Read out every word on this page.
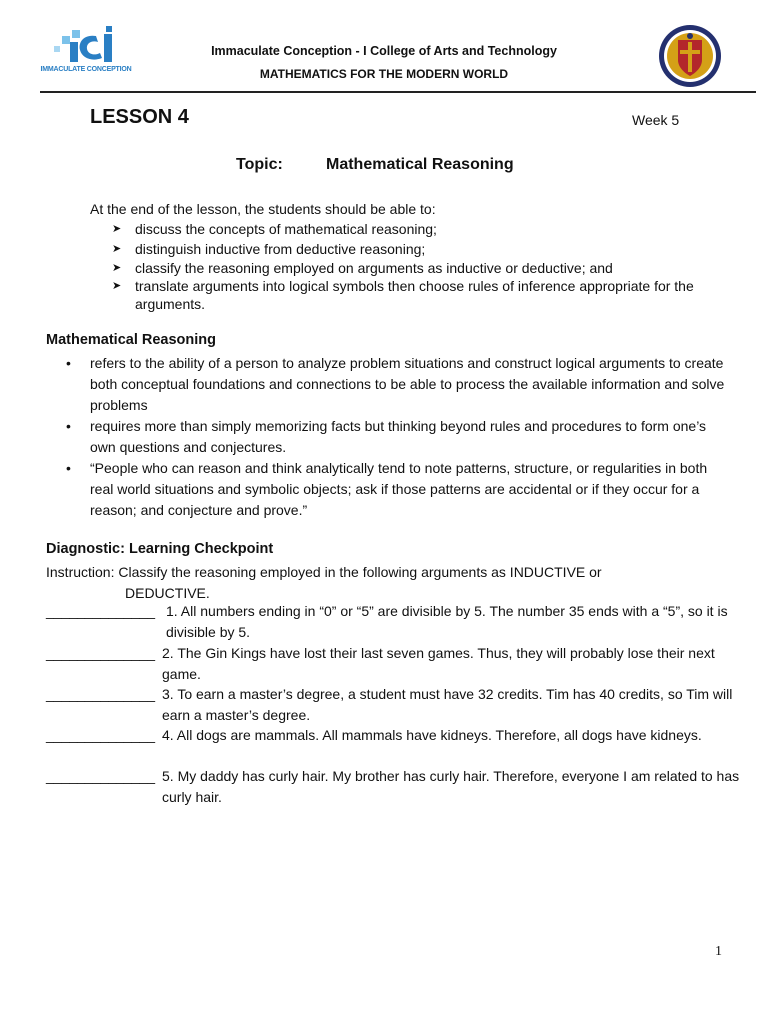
IMMACULATE CONCEPTION
Immaculate Conception - I College of Arts and Technology
MATHEMATICS FOR THE MODERN WORLD
LESSON 4	Week 5
Topic:	Mathematical Reasoning
At the end of the lesson, the students should be able to:
➤ discuss the concepts of mathematical reasoning;
➤ distinguish inductive from deductive reasoning;
➤ classify the reasoning employed on arguments as inductive or deductive; and
➤ translate arguments into logical symbols then choose rules of inference appropriate for the arguments.
Mathematical Reasoning
• refers to the ability of a person to analyze problem situations and construct logical arguments to create both conceptual foundations and connections to be able to process the available information and solve problems
• requires more than simply memorizing facts but thinking beyond rules and procedures to form one’s own questions and conjectures.
• “People who can reason and think analytically tend to note patterns, structure, or regularities in both real world situations and symbolic objects; ask if those patterns are accidental or if they occur for a reason; and conjecture and prove.”
Diagnostic: Learning Checkpoint
Instruction: Classify the reasoning employed in the following arguments as INDUCTIVE or
DEDUCTIVE.
______________ 1. All numbers ending in “0” or “5” are divisible by 5. The number 35 ends with a “5”, so it is divisible by 5.
______________ 2. The Gin Kings have lost their last seven games. Thus, they will probably lose their next game.
______________ 3. To earn a master’s degree, a student must have 32 credits. Tim has 40 credits, so Tim will earn a master’s degree.
______________ 4. All dogs are mammals. All mammals have kidneys. Therefore, all dogs have kidneys.
______________ 5. My daddy has curly hair. My brother has curly hair. Therefore, everyone I am related to has curly hair.
1
